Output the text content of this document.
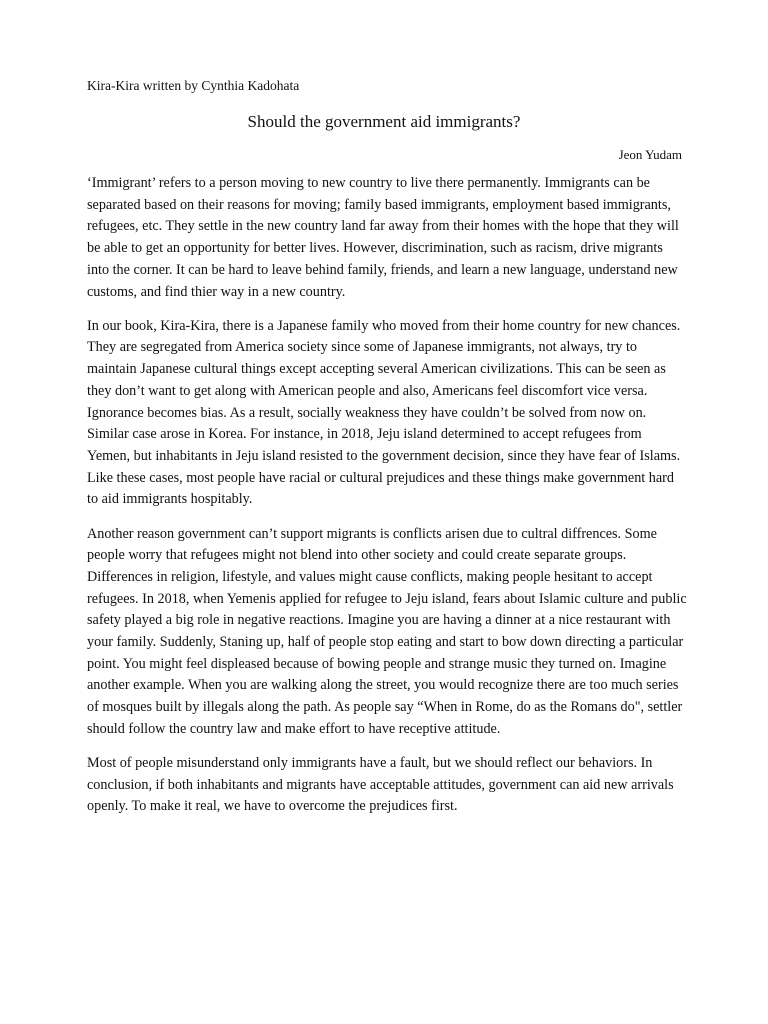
Kira-Kira written by Cynthia Kadohata
Should the government aid immigrants?
Jeon Yudam

‘Immigrant’ refers to a person moving to new country to live there permanently. Immigrants can be separated based on their reasons for moving; family based immigrants, employment based immigrants, refugees, etc. They settle in the new country land far away from their homes with the hope that they will be able to get an opportunity for better lives. However, discrimination, such as racism, drive migrants into the corner. It can be hard to leave behind family, friends, and learn a new language, understand new customs, and find thier way in a new country.

In our book, Kira-Kira, there is a Japanese family who moved from their home country for new chances. They are segregated from America society since some of Japanese immigrants, not always, try to maintain Japanese cultural things except accepting several American civilizations. This can be seen as they don’t want to get along with American people and also, Americans feel discomfort vice versa. Ignorance becomes bias. As a result, socially weakness they have couldn’t be solved from now on. Similar case arose in Korea. For instance, in 2018, Jeju island determined to accept refugees from Yemen, but inhabitants in Jeju island resisted to the government decision, since they have fear of Islams. Like these cases, most people have racial or cultural prejudices and these things make government hard to aid immigrants hospitably.

Another reason government can’t support migrants is conflicts arisen due to cultral diffrences. Some people worry that refugees might not blend into other society and could create separate groups. Differences in religion, lifestyle, and values might cause conflicts, making people hesitant to accept refugees. In 2018, when Yemenis applied for refugee to Jeju island, fears about Islamic culture and public safety played a big role in negative reactions. Imagine you are having a dinner at a nice restaurant with your family. Suddenly, Staning up, half of people stop eating and start to bow down directing a particular point. You might feel displeased because of bowing people and strange music they turned on. Imagine another example. When you are walking along the street, you would recognize there are too much series of mosques built by illegals along the path. As people say “When in Rome, do as the Romans do", settler should follow the country law and make effort to have receptive attitude.

Most of people misunderstand only immigrants have a fault, but we should reflect our behaviors. In conclusion, if both inhabitants and migrants have acceptable attitudes, government can aid new arrivals openly. To make it real, we have to overcome the prejudices first.
